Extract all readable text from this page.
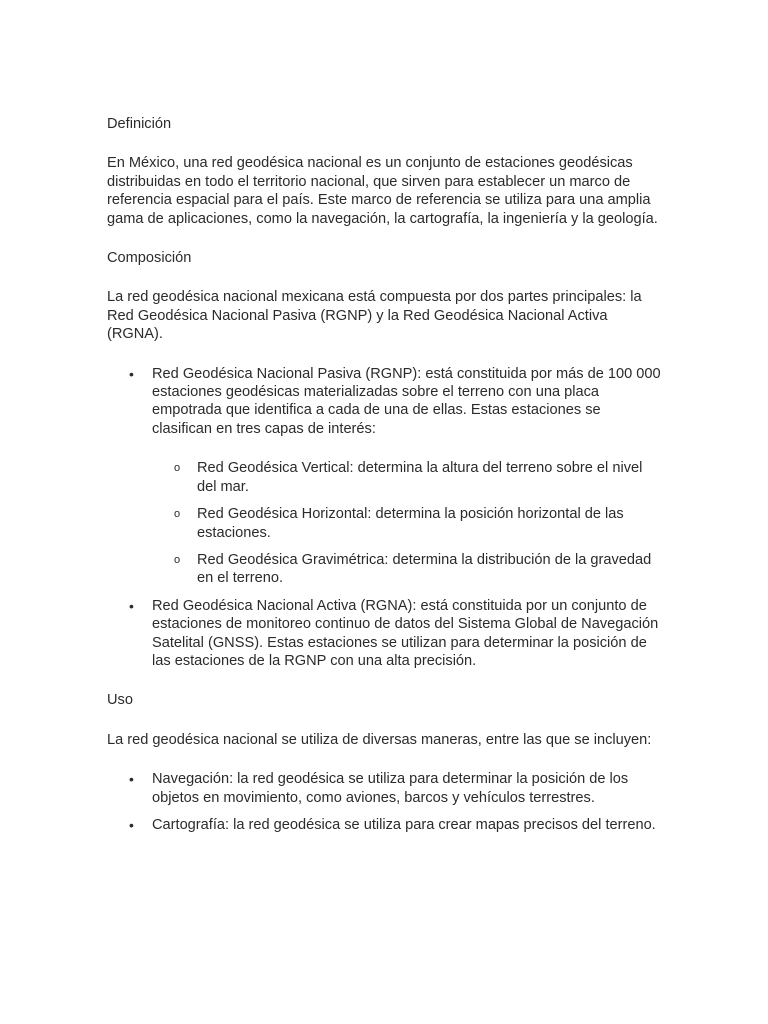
Definición

En México, una red geodésica nacional es un conjunto de estaciones geodésicas distribuidas en todo el territorio nacional, que sirven para establecer un marco de referencia espacial para el país. Este marco de referencia se utiliza para una amplia gama de aplicaciones, como la navegación, la cartografía, la ingeniería y la geología.

Composición

La red geodésica nacional mexicana está compuesta por dos partes principales: la Red Geodésica Nacional Pasiva (RGNP) y la Red Geodésica Nacional Activa (RGNA).

• Red Geodésica Nacional Pasiva (RGNP): está constituida por más de 100 000 estaciones geodésicas materializadas sobre el terreno con una placa empotrada que identifica a cada de una de ellas. Estas estaciones se clasifican en tres capas de interés:
o Red Geodésica Vertical: determina la altura del terreno sobre el nivel del mar.
o Red Geodésica Horizontal: determina la posición horizontal de las estaciones.
o Red Geodésica Gravimétrica: determina la distribución de la gravedad en el terreno.
• Red Geodésica Nacional Activa (RGNA): está constituida por un conjunto de estaciones de monitoreo continuo de datos del Sistema Global de Navegación Satelital (GNSS). Estas estaciones se utilizan para determinar la posición de las estaciones de la RGNP con una alta precisión.

Uso

La red geodésica nacional se utiliza de diversas maneras, entre las que se incluyen:

• Navegación: la red geodésica se utiliza para determinar la posición de los objetos en movimiento, como aviones, barcos y vehículos terrestres.
• Cartografía: la red geodésica se utiliza para crear mapas precisos del terreno.
